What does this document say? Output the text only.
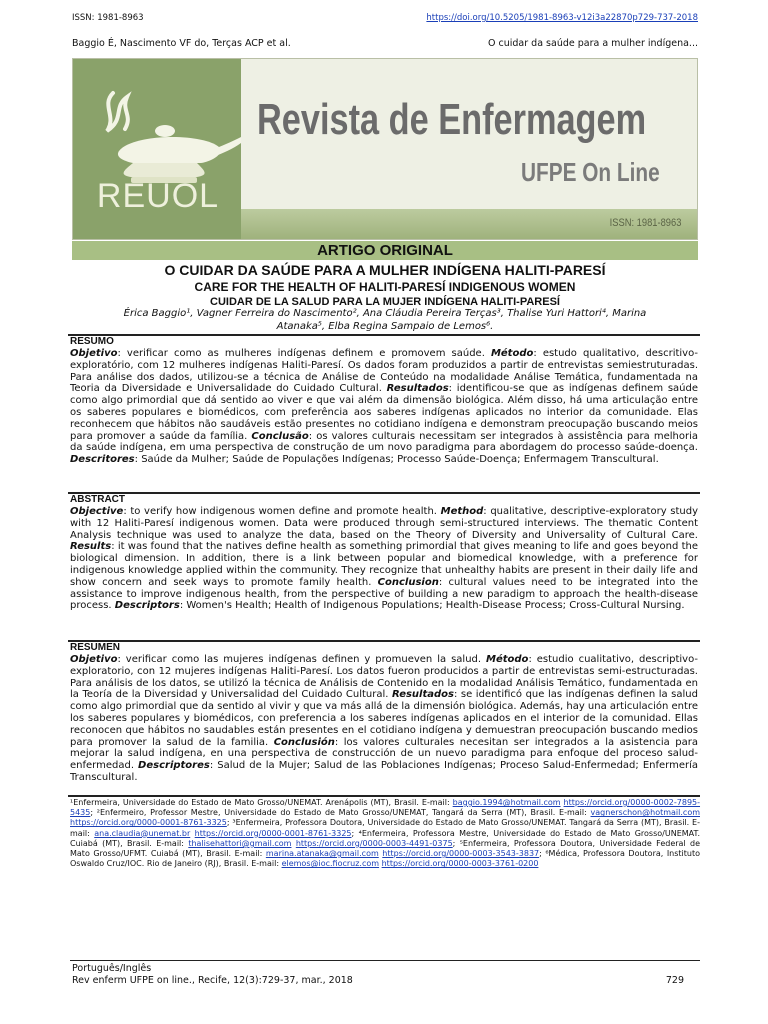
ISSN: 1981-8963	https://doi.org/10.5205/1981-8963-v12i3a22870p729-737-2018
Baggio É, Nascimento VF do, Terças ACP et al.	O cuidar da saúde para a mulher indígena...
REUOL
Revista de Enfermagem
UFPE On Line
ISSN: 1981-8963
ARTIGO ORIGINAL
O CUIDAR DA SAÚDE PARA A MULHER INDÍGENA HALITI-PARESÍ
CARE FOR THE HEALTH OF HALITI-PARESÍ INDIGENOUS WOMEN
CUIDAR DE LA SALUD PARA LA MUJER INDÍGENA HALITI-PARESÍ
Érica Baggio¹, Vagner Ferreira do Nascimento², Ana Cláudia Pereira Terças³, Thalise Yuri Hattori⁴, Marina
Atanaka⁵, Elba Regina Sampaio de Lemos⁶.
RESUMO
Objetivo: verificar como as mulheres indígenas definem e promovem saúde. Método: estudo qualitativo, descritivo-exploratório, com 12 mulheres indígenas Haliti-Paresí. Os dados foram produzidos a partir de entrevistas semiestruturadas. Para análise dos dados, utilizou-se a técnica de Análise de Conteúdo na modalidade Análise Temática, fundamentada na Teoria da Diversidade e Universalidade do Cuidado Cultural. Resultados: identificou-se que as indígenas definem saúde como algo primordial que dá sentido ao viver e que vai além da dimensão biológica. Além disso, há uma articulação entre os saberes populares e biomédicos, com preferência aos saberes indígenas aplicados no interior da comunidade. Elas reconhecem que hábitos não saudáveis estão presentes no cotidiano indígena e demonstram preocupação buscando meios para promover a saúde da família. Conclusão: os valores culturais necessitam ser integrados à assistência para melhoria da saúde indígena, em uma perspectiva de construção de um novo paradigma para abordagem do processo saúde-doença. Descritores: Saúde da Mulher; Saúde de Populações Indígenas; Processo Saúde-Doença; Enfermagem Transcultural.
ABSTRACT
Objective: to verify how indigenous women define and promote health. Method: qualitative, descriptive-exploratory study with 12 Haliti-Paresí indigenous women. Data were produced through semi-structured interviews. The thematic Content Analysis technique was used to analyze the data, based on the Theory of Diversity and Universality of Cultural Care. Results: it was found that the natives define health as something primordial that gives meaning to life and goes beyond the biological dimension. In addition, there is a link between popular and biomedical knowledge, with a preference for indigenous knowledge applied within the community. They recognize that unhealthy habits are present in their daily life and show concern and seek ways to promote family health. Conclusion: cultural values need to be integrated into the assistance to improve indigenous health, from the perspective of building a new paradigm to approach the health-disease process. Descriptors: Women's Health; Health of Indigenous Populations; Health-Disease Process; Cross-Cultural Nursing.
RESUMEN
Objetivo: verificar como las mujeres indígenas definen y promueven la salud. Método: estudio cualitativo, descriptivo-exploratorio, con 12 mujeres indígenas Haliti-Paresí. Los datos fueron producidos a partir de entrevistas semi-estructuradas. Para análisis de los datos, se utilizó la técnica de Análisis de Contenido en la modalidad Análisis Temático, fundamentada en la Teoría de la Diversidad y Universalidad del Cuidado Cultural. Resultados: se identificó que las indígenas definen la salud como algo primordial que da sentido al vivir y que va más allá de la dimensión biológica. Además, hay una articulación entre los saberes populares y biomédicos, con preferencia a los saberes indígenas aplicados en el interior de la comunidad. Ellas reconocen que hábitos no saudables están presentes en el cotidiano indígena y demuestran preocupación buscando medios para promover la salud de la familia. Conclusión: los valores culturales necesitan ser integrados a la asistencia para mejorar la salud indígena, en una perspectiva de construcción de un nuevo paradigma para enfoque del proceso salud-enfermedad. Descriptores: Salud de la Mujer; Salud de las Poblaciones Indígenas; Proceso Salud-Enfermedad; Enfermería Transcultural.
¹Enfermeira, Universidade do Estado de Mato Grosso/UNEMAT. Arenápolis (MT), Brasil. E-mail: baggio.1994@hotmail.com https://orcid.org/0000-0002-7895-5435; ²Enfermeiro, Professor Mestre, Universidade do Estado de Mato Grosso/UNEMAT, Tangará da Serra (MT), Brasil. E-mail: vagnerschon@hotmail.com https://orcid.org/0000-0001-8761-3325; ³Enfermeira, Professora Doutora, Universidade do Estado de Mato Grosso/UNEMAT. Tangará da Serra (MT), Brasil. E-mail: ana.claudia@unemat.br https://orcid.org/0000-0001-8761-3325; ⁴Enfermeira, Professora Mestre, Universidade do Estado de Mato Grosso/UNEMAT. Cuiabá (MT), Brasil. E-mail: thalisehattori@gmail.com https://orcid.org/0000-0003-4491-0375; ⁵Enfermeira, Professora Doutora, Universidade Federal de Mato Grosso/UFMT. Cuiabá (MT), Brasil. E-mail: marina.atanaka@gmail.com https://orcid.org/0000-0003-3543-3837; ⁶Médica, Professora Doutora, Instituto Oswaldo Cruz/IOC. Rio de Janeiro (RJ), Brasil. E-mail: elemos@ioc.fiocruz.com https://orcid.org/0000-0003-3761-0200
Português/Inglês
Rev enferm UFPE on line., Recife, 12(3):729-37, mar., 2018	729
